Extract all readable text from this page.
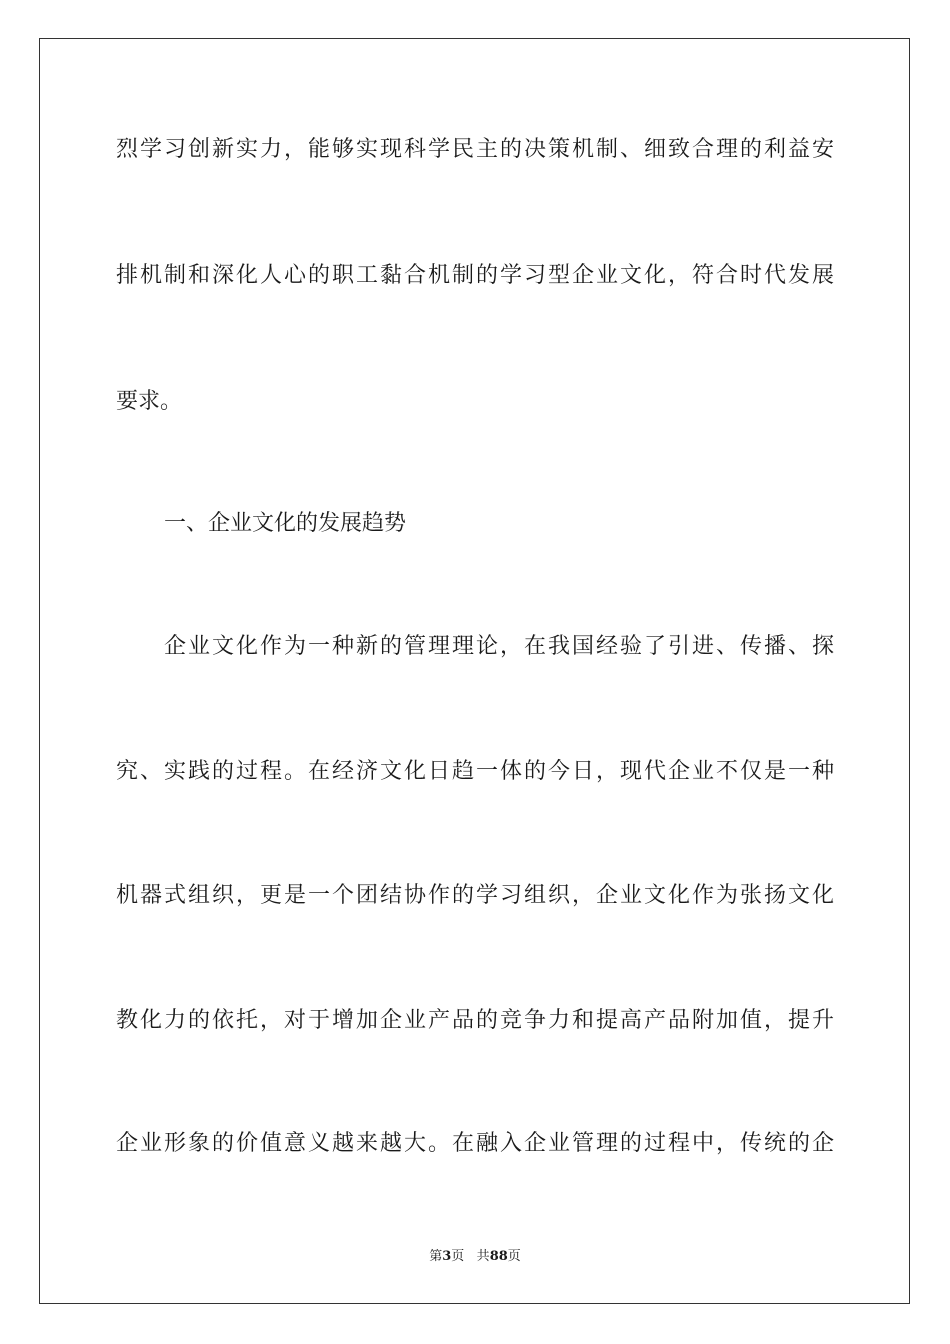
烈学习创新实力，能够实现科学民主的决策机制、细致合理的利益安
排机制和深化人心的职工黏合机制的学习型企业文化，符合时代发展
要求。
一、企业文化的发展趋势
企业文化作为一种新的管理理论，在我国经验了引进、传播、探
究、实践的过程。在经济文化日趋一体的今日，现代企业不仅是一种
机器式组织，更是一个团结协作的学习组织，企业文化作为张扬文化
教化力的依托，对于增加企业产品的竞争力和提高产品附加值，提升
企业形象的价值意义越来越大。在融入企业管理的过程中，传统的企
第3页 共88页
